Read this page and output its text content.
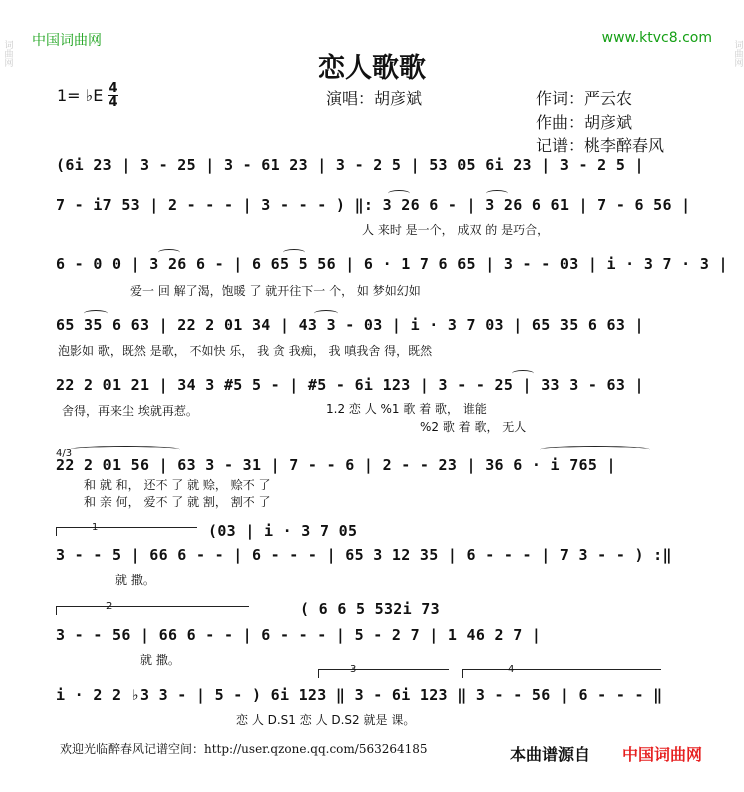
词曲网	词曲网
中国词曲网	www.ktvc8.com
恋人歌歌
1= ♭E 4
4	演唱：胡彦斌	作词：严云农
作曲：胡彦斌
记谱：桃李醉春风
(6i 23 | 3 - 25 | 3 - 61 23 | 3 - 2 5 | 53 05 6i 23 | 3 - 2 5 |
7 - i7 53 | 2 - - - | 3 - - - ) ‖: 3 26 6 - | 3 26 6 61 | 7 - 6 56 |
人 来时 是一个， 成双 的 是巧合，
6 - 0 0 | 3 26 6 - | 6 65 5 56 | 6 · 1 7 6 65 | 3 - - 03 | i · 3 7 · 3 |
爱一 回 解了渴，饱暖 了 就开往下一 个， 如 梦如幻如
65 35 6 63 | 22 2 01 34 | 43 3 - 03 | i · 3 7 03 | 65 35 6 63 |
泡影如 歌，既然 是歌， 不如快 乐， 我 贪 我痴， 我 嗔我舍 得，既然
22 2 01 21 | 34 3 #5 5 - | #5 - 6i 123 | 3 - - 25 | 33 3 - 63 |
舍得，再来尘 埃就再惹。	1.2 恋 人 %1 歌 着 歌， 谁能
%2 歌 着 歌， 无人
4/3
22 2 01 56 | 63 3 - 31 | 7 - - 6 | 2 - - 23 | 36 6 · i 765 |
和 就 和， 还不 了 就 赊， 赊不 了
和 亲 何， 爱不 了 就 割， 割不 了
1	(03 | i · 3 7 05
3 - - 5 | 66 6 - - | 6 - - - | 65 3 12 35 | 6 - - - | 7 3 - - ) :‖
就 撒。
2	( 6 6 5 532i 73
3 - - 56 | 66 6 - - | 6 - - - | 5 - 2 7 | 1 46 2 7 |
就 撒。
3	4
i · 2 2 ♭3 3 - | 5 - ) 6i 123 ‖ 3 - 6i 123 ‖ 3 - - 56 | 6 - - - ‖
恋 人 D.S1 恋 人 D.S2 就是 课。
欢迎光临醉春风记谱空间：http://user.qzone.qq.com/563264185	本曲谱源自 中国词曲网
